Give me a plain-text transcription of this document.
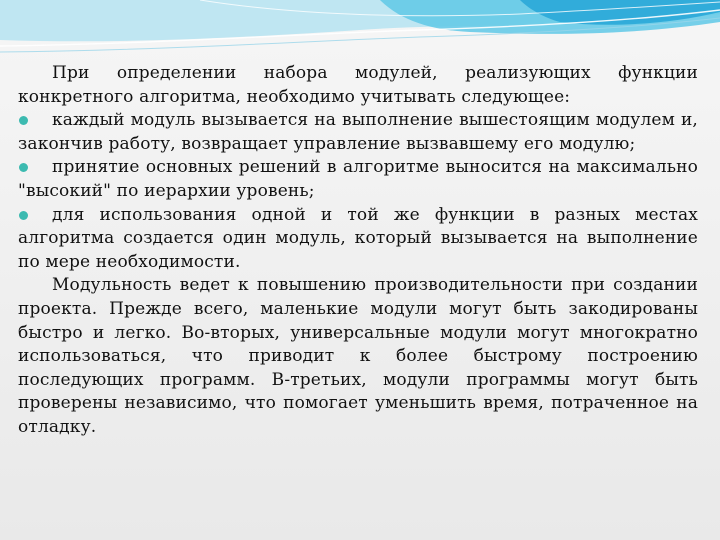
При определении набора модулей, реализующих функции конкретного алгоритма, необходимо учитывать следующее:

каждый модуль вызывается на выполнение вышестоящим модулем и, закончив работу, возвращает управление вызвавшему его модулю;

принятие основных решений в алгоритме выносится на максимально "высокий" по иерархии уровень;

для использования одной и той же функции в разных местах алгоритма создается один модуль, который вызывается на выполнение по мере необходимости.

Модульность ведет к повышению производительности при создании проекта. Прежде всего, маленькие модули могут быть закодированы быстро и легко. Во-вторых, универсальные модули могут многократно использоваться, что приводит к более быстрому построению последующих программ. В-третьих, модули программы могут быть проверены независимо, что помогает уменьшить время, потраченное на отладку.
